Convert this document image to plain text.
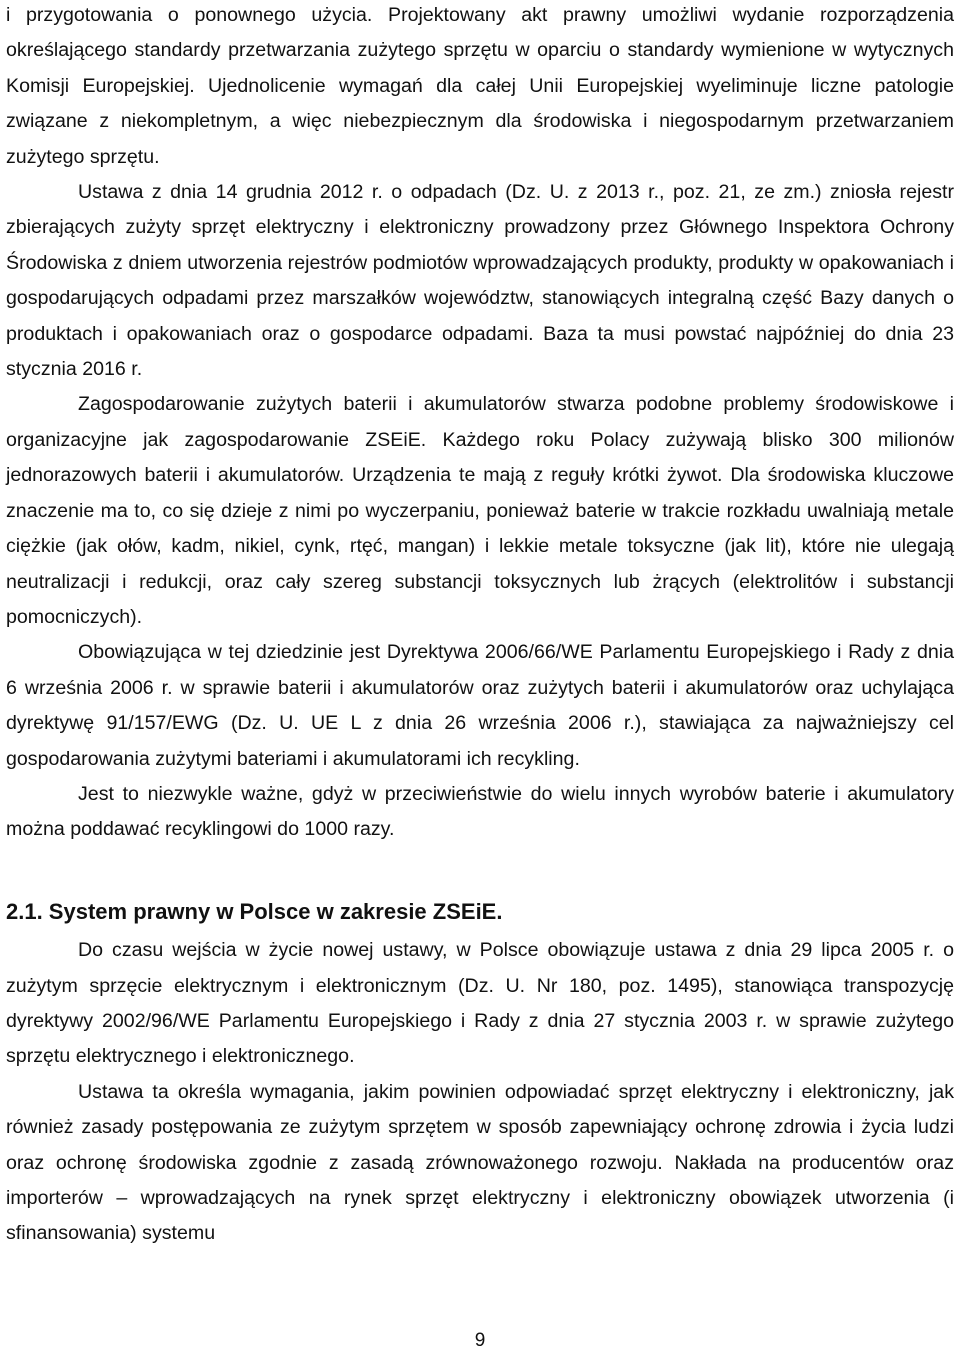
i przygotowania o ponownego użycia. Projektowany akt prawny umożliwi wydanie rozporządzenia określającego standardy przetwarzania zużytego sprzętu w oparciu o standardy wymienione w wytycznych Komisji Europejskiej. Ujednolicenie wymagań dla całej Unii Europejskiej wyeliminuje liczne patologie związane z niekompletnym, a więc niebezpiecznym dla środowiska i niegospodarnym przetwarzaniem zużytego sprzętu.

Ustawa z dnia 14 grudnia 2012 r. o odpadach (Dz. U. z 2013 r., poz. 21, ze zm.) zniosła rejestr zbierających zużyty sprzęt elektryczny i elektroniczny prowadzony przez Głównego Inspektora Ochrony Środowiska z dniem utworzenia rejestrów podmiotów wprowadzających produkty, produkty w opakowaniach i gospodarujących odpadami przez marszałków województw, stanowiących integralną część Bazy danych o produktach i opakowaniach oraz o gospodarce odpadami. Baza ta musi powstać najpóźniej do dnia 23 stycznia 2016 r.

Zagospodarowanie zużytych baterii i akumulatorów stwarza podobne problemy środowiskowe i organizacyjne jak zagospodarowanie ZSEiE. Każdego roku Polacy zużywają blisko 300 milionów jednorazowych baterii i akumulatorów. Urządzenia te mają z reguły krótki żywot. Dla środowiska kluczowe znaczenie ma to, co się dzieje z nimi po wyczerpaniu, ponieważ baterie w trakcie rozkładu uwalniają metale ciężkie (jak ołów, kadm, nikiel, cynk, rtęć, mangan) i lekkie metale toksyczne (jak lit), które nie ulegają neutralizacji i redukcji, oraz cały szereg substancji toksycznych lub żrących (elektrolitów i substancji pomocniczych).

Obowiązująca w tej dziedzinie jest Dyrektywa 2006/66/WE Parlamentu Europejskiego i Rady z dnia 6 września 2006 r. w sprawie baterii i akumulatorów oraz zużytych baterii i akumulatorów oraz uchylająca dyrektywę 91/157/EWG (Dz. U. UE L z dnia 26 września 2006 r.), stawiająca za najważniejszy cel gospodarowania zużytymi bateriami i akumulatorami ich recykling.

Jest to niezwykle ważne, gdyż w przeciwieństwie do wielu innych wyrobów baterie i akumulatory można poddawać recyklingowi do 1000 razy.

2.1. System prawny w Polsce w zakresie ZSEiE.

Do czasu wejścia w życie nowej ustawy, w Polsce obowiązuje ustawa z dnia 29 lipca 2005 r. o zużytym sprzęcie elektrycznym i elektronicznym (Dz. U. Nr 180, poz. 1495), stanowiąca transpozycję dyrektywy 2002/96/WE Parlamentu Europejskiego i Rady z dnia 27 stycznia 2003 r. w sprawie zużytego sprzętu elektrycznego i elektronicznego.

Ustawa ta określa wymagania, jakim powinien odpowiadać sprzęt elektryczny i elektroniczny, jak również zasady postępowania ze zużytym sprzętem w sposób zapewniający ochronę zdrowia i życia ludzi oraz ochronę środowiska zgodnie z zasadą zrównoważonego rozwoju. Nakłada na producentów oraz importerów – wprowadzających na rynek sprzęt elektryczny i elektroniczny obowiązek utworzenia (i sfinansowania) systemu

9
